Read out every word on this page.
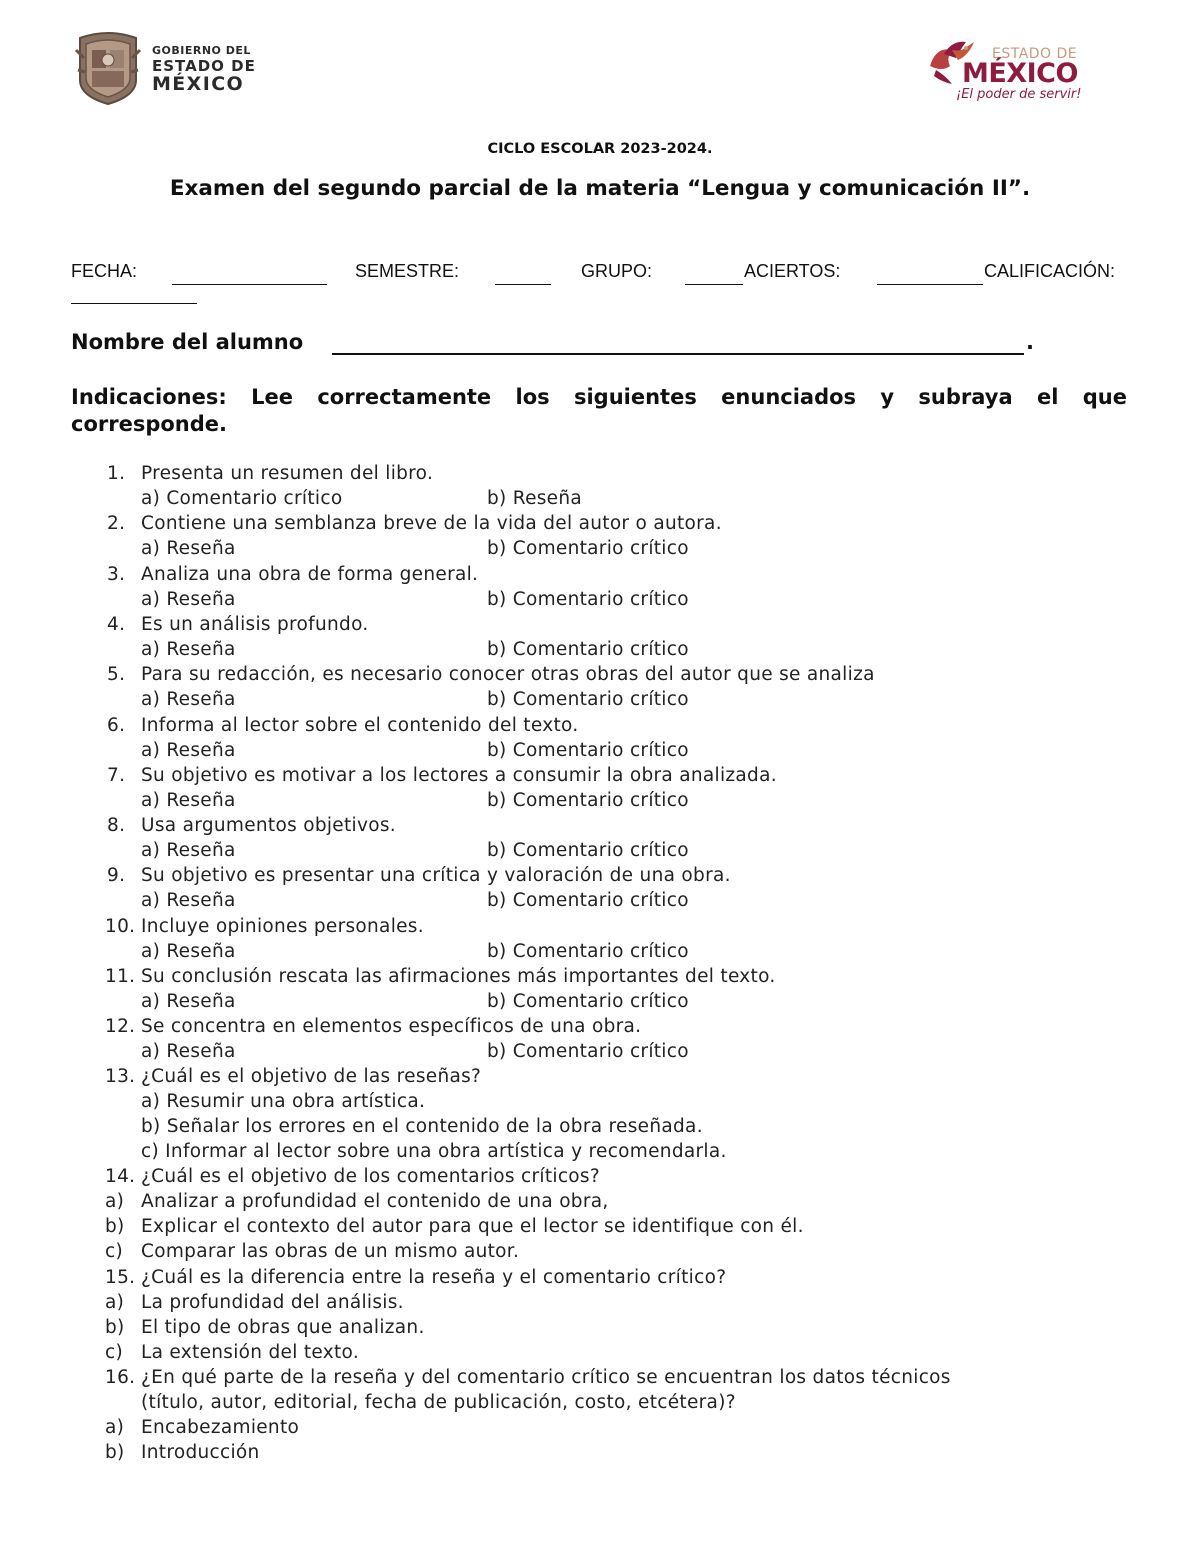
GOBIERNO DEL
ESTADO DE
MÉXICO
ESTADO DE
MÉXICO
¡El poder de servir!
CICLO ESCOLAR 2023-2024.
Examen del segundo parcial de la materia “Lengua y comunicación II”.
FECHA:	SEMESTRE:	GRUPO:	ACIERTOS:	CALIFICACIÓN:
Nombre del alumno	.
Indicaciones: Lee correctamente los siguientes enunciados y subraya el que corresponde.
1. Presenta un resumen del libro.
a) Comentario crítico	b) Reseña
2. Contiene una semblanza breve de la vida del autor o autora.
a) Reseña	b) Comentario crítico
3. Analiza una obra de forma general.
a) Reseña	b) Comentario crítico
4. Es un análisis profundo.
a) Reseña	b) Comentario crítico
5. Para su redacción, es necesario conocer otras obras del autor que se analiza
a) Reseña	b) Comentario crítico
6. Informa al lector sobre el contenido del texto.
a) Reseña	b) Comentario crítico
7. Su objetivo es motivar a los lectores a consumir la obra analizada.
a) Reseña	b) Comentario crítico
8. Usa argumentos objetivos.
a) Reseña	b) Comentario crítico
9. Su objetivo es presentar una crítica y valoración de una obra.
a) Reseña	b) Comentario crítico
10. Incluye opiniones personales.
a) Reseña	b) Comentario crítico
11. Su conclusión rescata las afirmaciones más importantes del texto.
a) Reseña	b) Comentario crítico
12. Se concentra en elementos específicos de una obra.
a) Reseña	b) Comentario crítico
13. ¿Cuál es el objetivo de las reseñas?
a) Resumir una obra artística.
b) Señalar los errores en el contenido de la obra reseñada.
c) Informar al lector sobre una obra artística y recomendarla.
14. ¿Cuál es el objetivo de los comentarios críticos?
a) Analizar a profundidad el contenido de una obra,
b) Explicar el contexto del autor para que el lector se identifique con él.
c) Comparar las obras de un mismo autor.
15. ¿Cuál es la diferencia entre la reseña y el comentario crítico?
a) La profundidad del análisis.
b) El tipo de obras que analizan.
c) La extensión del texto.
16. ¿En qué parte de la reseña y del comentario crítico se encuentran los datos técnicos
(título, autor, editorial, fecha de publicación, costo, etcétera)?
a) Encabezamiento
b) Introducción
